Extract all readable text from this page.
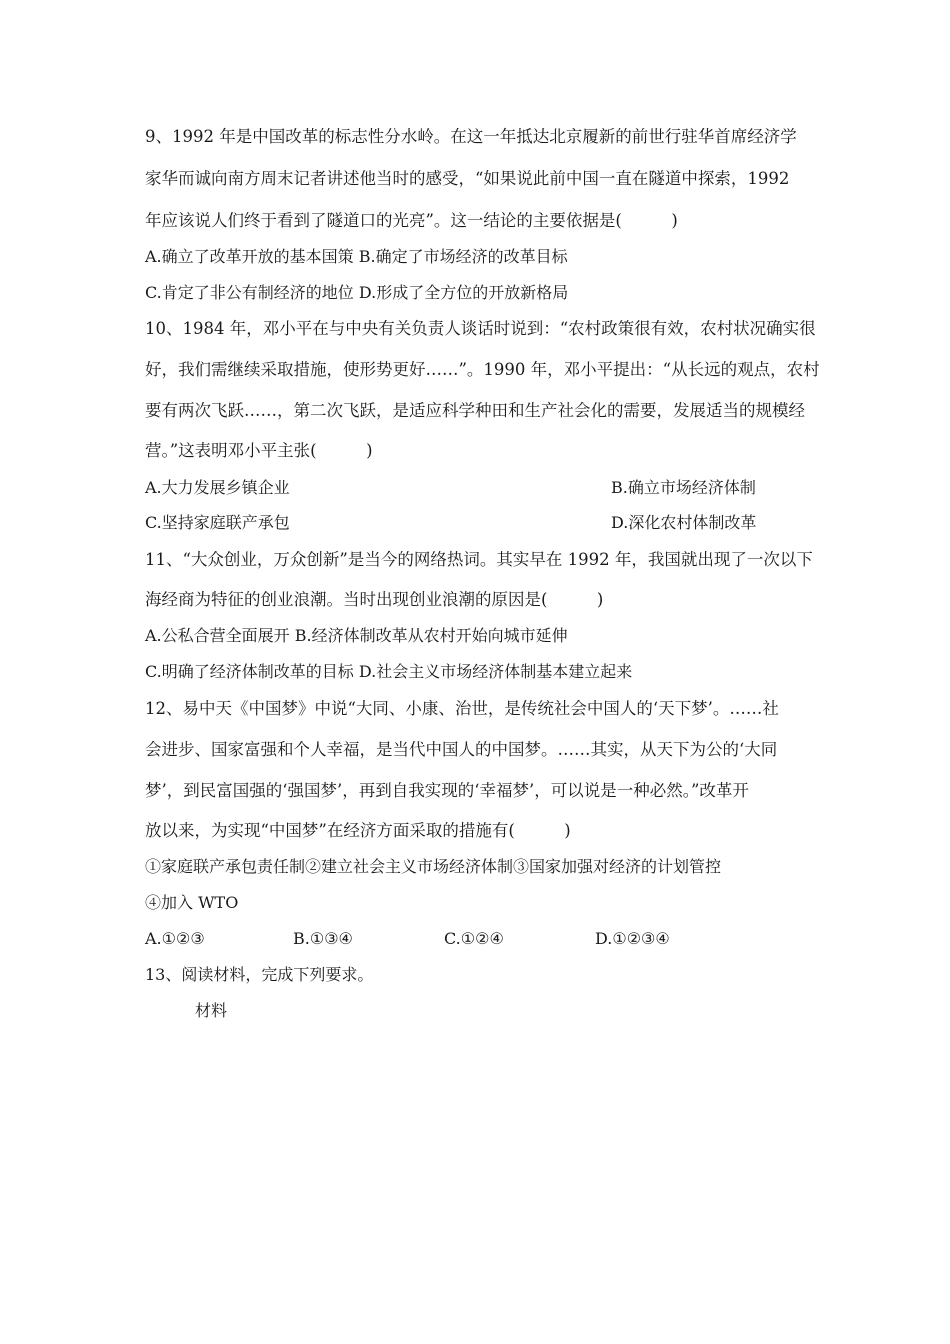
9、1992 年是中国改革的标志性分水岭。在这一年抵达北京履新的前世行驻华首席经济学
家华而诚向南方周末记者讲述他当时的感受，“如果说此前中国一直在隧道中探索，1992
年应该说人们终于看到了隧道口的光亮”。这一结论的主要依据是(　　　)
A.确立了改革开放的基本国策 B.确定了市场经济的改革目标
C.肯定了非公有制经济的地位 D.形成了全方位的开放新格局
10、1984 年，邓小平在与中央有关负责人谈话时说到：“农村政策很有效，农村状况确实很
好，我们需继续采取措施，使形势更好……”。1990 年，邓小平提出：“从长远的观点，农村
要有两次飞跃……，第二次飞跃，是适应科学种田和生产社会化的需要，发展适当的规模经
营。”这表明邓小平主张(　　　)
A.大力发展乡镇企业	B.确立市场经济体制
C.坚持家庭联产承包	D.深化农村体制改革
11、“大众创业，万众创新”是当今的网络热词。其实早在 1992 年，我国就出现了一次以下
海经商为特征的创业浪潮。当时出现创业浪潮的原因是(　　　)
A.公私合营全面展开 B.经济体制改革从农村开始向城市延伸
C.明确了经济体制改革的目标 D.社会主义市场经济体制基本建立起来
12、易中天《中国梦》中说“大同、小康、治世，是传统社会中国人的‘天下梦’。……社
会进步、国家富强和个人幸福，是当代中国人的中国梦。……其实，从天下为公的‘大同
梦’，到民富国强的‘强国梦’，再到自我实现的‘幸福梦’，可以说是一种必然。”改革开
放以来，为实现“中国梦”在经济方面采取的措施有(　　　)
①家庭联产承包责任制②建立社会主义市场经济体制③国家加强对经济的计划管控
④加入 WTO
A.①②③	B.①③④	C.①②④	D.①②③④
13、阅读材料，完成下列要求。
材料
